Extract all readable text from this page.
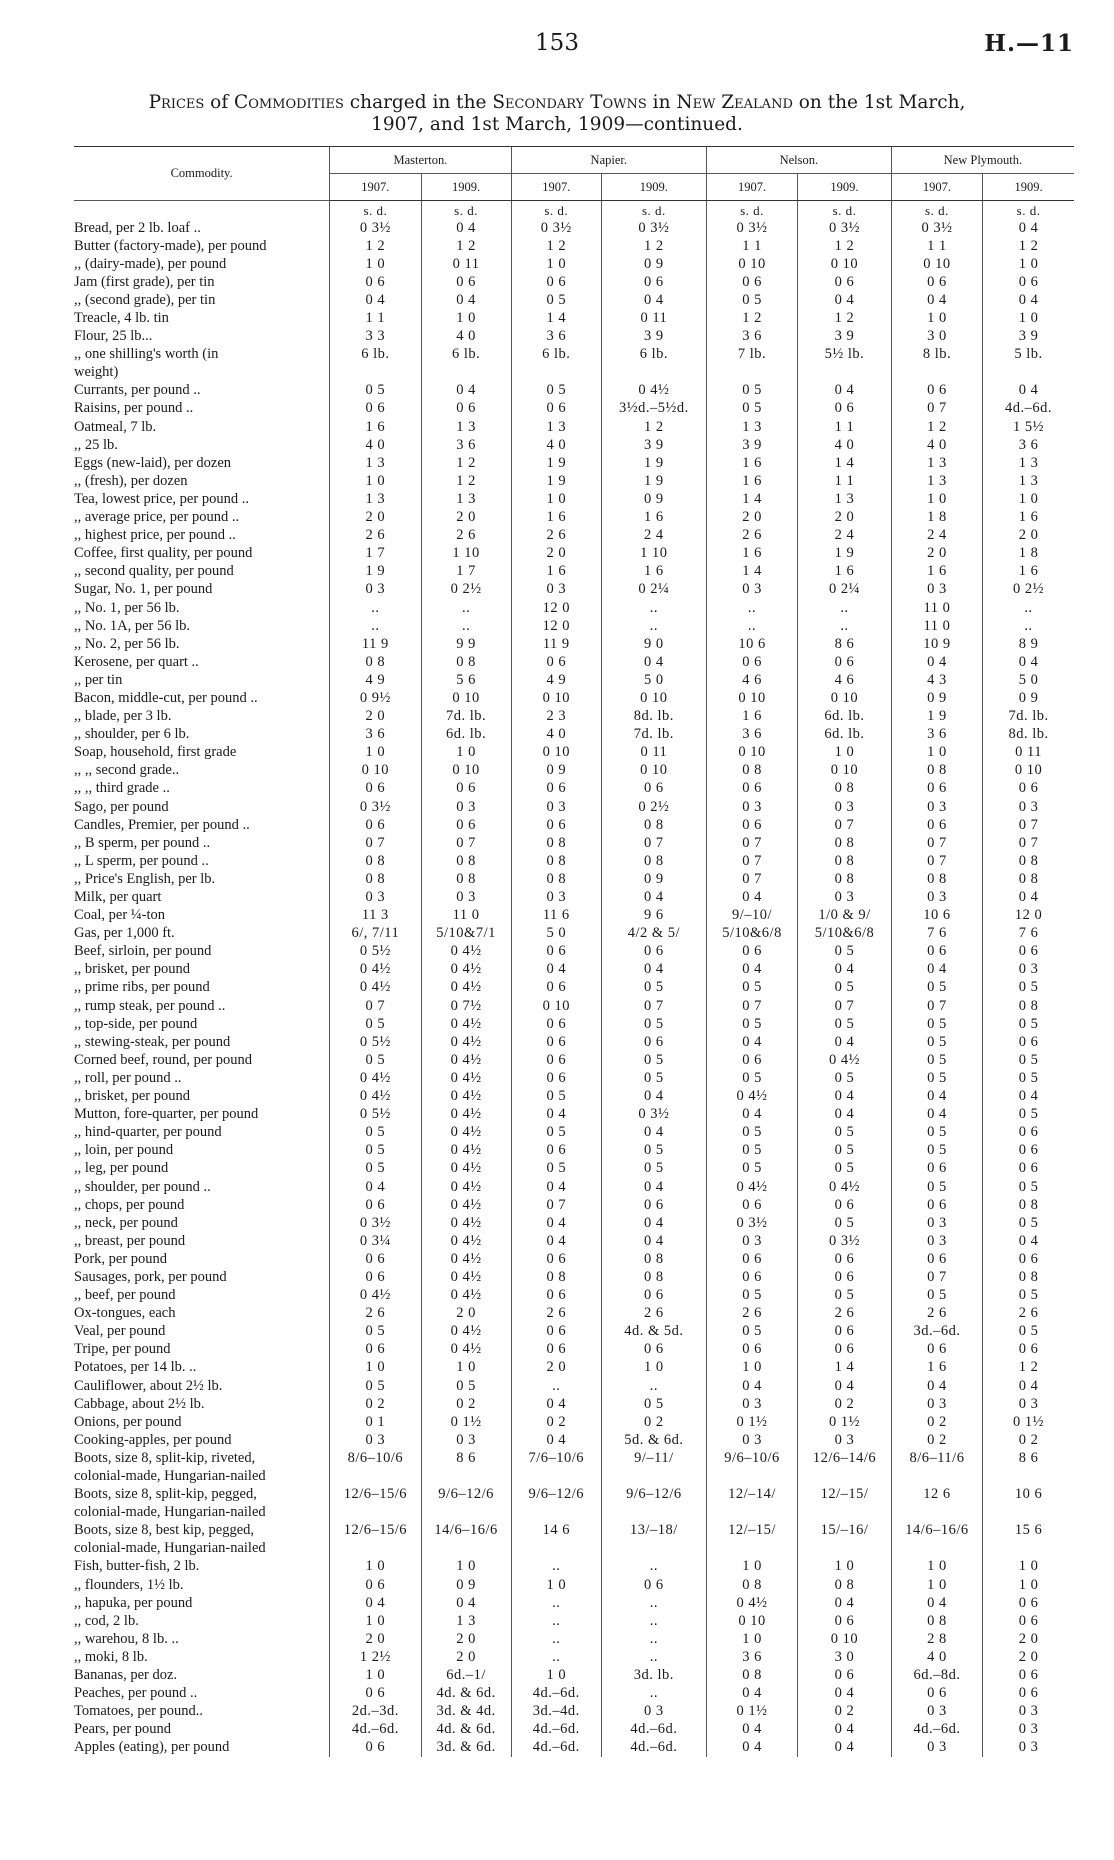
153	H.—11
Prices of Commodities charged in the Secondary Towns in New Zealand on the 1st March,
1907, and 1st March, 1909—continued.
Commodity.	Masterton.		Napier.		Nelson.		New Plymouth.	
	1907.	1909.	1907.	1909.	1907.	1909.	1907.	1909.
	s. d.	s. d.	s. d.	s. d.	s. d.	s. d.	s. d.	s. d.
Bread, per 2 lb. loaf ..	0 3½	0 4	0 3½	0 3½	0 3½	0 3½	0 3½	0 4
Butter (factory-made), per pound	1 2	1 2	1 2	1 2	1 1	1 2	1 1	1 2
,, (dairy-made), per pound	1 0	0 11	1 0	0 9	0 10	0 10	0 10	1 0
Jam (first grade), per tin	0 6	0 6	0 6	0 6	0 6	0 6	0 6	0 6
,, (second grade), per tin	0 4	0 4	0 5	0 4	0 5	0 4	0 4	0 4
Treacle, 4 lb. tin	1 1	1 0	1 4	0 11	1 2	1 2	1 0	1 0
Flour, 25 lb...	3 3	4 0	3 6	3 9	3 6	3 9	3 0	3 9
,, one shilling's worth (in	6 lb.	6 lb.	6 lb.	6 lb.	7 lb.	5½ lb.	8 lb.	5 lb.
weight)								
Currants, per pound ..	0 5	0 4	0 5	0 4½	0 5	0 4	0 6	0 4
Raisins, per pound ..	0 6	0 6	0 6	3½d.–5½d.	0 5	0 6	0 7	4d.–6d.
Oatmeal, 7 lb.	1 6	1 3	1 3	1 2	1 3	1 1	1 2	1 5½
,, 25 lb.	4 0	3 6	4 0	3 9	3 9	4 0	4 0	3 6
Eggs (new-laid), per dozen	1 3	1 2	1 9	1 9	1 6	1 4	1 3	1 3
,, (fresh), per dozen	1 0	1 2	1 9	1 9	1 6	1 1	1 3	1 3
Tea, lowest price, per pound ..	1 3	1 3	1 0	0 9	1 4	1 3	1 0	1 0
,, average price, per pound ..	2 0	2 0	1 6	1 6	2 0	2 0	1 8	1 6
,, highest price, per pound ..	2 6	2 6	2 6	2 4	2 6	2 4	2 4	2 0
Coffee, first quality, per pound	1 7	1 10	2 0	1 10	1 6	1 9	2 0	1 8
,, second quality, per pound	1 9	1 7	1 6	1 6	1 4	1 6	1 6	1 6
Sugar, No. 1, per pound	0 3	0 2½	0 3	0 2¼	0 3	0 2¼	0 3	0 2½
,, No. 1, per 56 lb.	..	..	12 0	..	..	..	11 0	..
,, No. 1A, per 56 lb.	..	..	12 0	..	..	..	11 0	..
,, No. 2, per 56 lb.	11 9	9 9	11 9	9 0	10 6	8 6	10 9	8 9
Kerosene, per quart ..	0 8	0 8	0 6	0 4	0 6	0 6	0 4	0 4
,, per tin	4 9	5 6	4 9	5 0	4 6	4 6	4 3	5 0
Bacon, middle-cut, per pound ..	0 9½	0 10	0 10	0 10	0 10	0 10	0 9	0 9
,, blade, per 3 lb.	2 0	7d. lb.	2 3	8d. lb.	1 6	6d. lb.	1 9	7d. lb.
,, shoulder, per 6 lb.	3 6	6d. lb.	4 0	7d. lb.	3 6	6d. lb.	3 6	8d. lb.
Soap, household, first grade	1 0	1 0	0 10	0 11	0 10	1 0	1 0	0 11
,, ,, second grade..	0 10	0 10	0 9	0 10	0 8	0 10	0 8	0 10
,, ,, third grade ..	0 6	0 6	0 6	0 6	0 6	0 8	0 6	0 6
Sago, per pound	0 3½	0 3	0 3	0 2½	0 3	0 3	0 3	0 3
Candles, Premier, per pound ..	0 6	0 6	0 6	0 8	0 6	0 7	0 6	0 7
,, B sperm, per pound ..	0 7	0 7	0 8	0 7	0 7	0 8	0 7	0 7
,, L sperm, per pound ..	0 8	0 8	0 8	0 8	0 7	0 8	0 7	0 8
,, Price's English, per lb.	0 8	0 8	0 8	0 9	0 7	0 8	0 8	0 8
Milk, per quart	0 3	0 3	0 3	0 4	0 4	0 3	0 3	0 4
Coal, per ¼-ton	11 3	11 0	11 6	9 6	9/–10/	1/0 & 9/	10 6	12 0
Gas, per 1,000 ft.	6/, 7/11	5/10&7/1	5 0	4/2 & 5/	5/10&6/8	5/10&6/8	7 6	7 6
Beef, sirloin, per pound	0 5½	0 4½	0 6	0 6	0 6	0 5	0 6	0 6
,, brisket, per pound	0 4½	0 4½	0 4	0 4	0 4	0 4	0 4	0 3
,, prime ribs, per pound	0 4½	0 4½	0 6	0 5	0 5	0 5	0 5	0 5
,, rump steak, per pound ..	0 7	0 7½	0 10	0 7	0 7	0 7	0 7	0 8
,, top-side, per pound	0 5	0 4½	0 6	0 5	0 5	0 5	0 5	0 5
,, stewing-steak, per pound	0 5½	0 4½	0 6	0 6	0 4	0 4	0 5	0 6
Corned beef, round, per pound	0 5	0 4½	0 6	0 5	0 6	0 4½	0 5	0 5
,, roll, per pound ..	0 4½	0 4½	0 6	0 5	0 5	0 5	0 5	0 5
,, brisket, per pound	0 4½	0 4½	0 5	0 4	0 4½	0 4	0 4	0 4
Mutton, fore-quarter, per pound	0 5½	0 4½	0 4	0 3½	0 4	0 4	0 4	0 5
,, hind-quarter, per pound	0 5	0 4½	0 5	0 4	0 5	0 5	0 5	0 6
,, loin, per pound	0 5	0 4½	0 6	0 5	0 5	0 5	0 5	0 6
,, leg, per pound	0 5	0 4½	0 5	0 5	0 5	0 5	0 6	0 6
,, shoulder, per pound ..	0 4	0 4½	0 4	0 4	0 4½	0 4½	0 5	0 5
,, chops, per pound	0 6	0 4½	0 7	0 6	0 6	0 6	0 6	0 8
,, neck, per pound	0 3½	0 4½	0 4	0 4	0 3½	0 5	0 3	0 5
,, breast, per pound	0 3¼	0 4½	0 4	0 4	0 3	0 3½	0 3	0 4
Pork, per pound	0 6	0 4½	0 6	0 8	0 6	0 6	0 6	0 6
Sausages, pork, per pound	0 6	0 4½	0 8	0 8	0 6	0 6	0 7	0 8
,, beef, per pound	0 4½	0 4½	0 6	0 6	0 5	0 5	0 5	0 5
Ox-tongues, each	2 6	2 0	2 6	2 6	2 6	2 6	2 6	2 6
Veal, per pound	0 5	0 4½	0 6	4d. & 5d.	0 5	0 6	3d.–6d.	0 5
Tripe, per pound	0 6	0 4½	0 6	0 6	0 6	0 6	0 6	0 6
Potatoes, per 14 lb. ..	1 0	1 0	2 0	1 0	1 0	1 4	1 6	1 2
Cauliflower, about 2½ lb.	0 5	0 5	..	..	0 4	0 4	0 4	0 4
Cabbage, about 2½ lb.	0 2	0 2	0 4	0 5	0 3	0 2	0 3	0 3
Onions, per pound	0 1	0 1½	0 2	0 2	0 1½	0 1½	0 2	0 1½
Cooking-apples, per pound	0 3	0 3	0 4	5d. & 6d.	0 3	0 3	0 2	0 2
Boots, size 8, split-kip, riveted,	8/6–10/6	8 6	7/6–10/6	9/–11/	9/6–10/6	12/6–14/6	8/6–11/6	8 6
colonial-made, Hungarian-nailed								
Boots, size 8, split-kip, pegged,	12/6–15/6	9/6–12/6	9/6–12/6	9/6–12/6	12/–14/	12/–15/	12 6	10 6
colonial-made, Hungarian-nailed								
Boots, size 8, best kip, pegged,	12/6–15/6	14/6–16/6	14 6	13/–18/	12/–15/	15/–16/	14/6–16/6	15 6
colonial-made, Hungarian-nailed								
Fish, butter-fish, 2 lb.	1 0	1 0	..	..	1 0	1 0	1 0	1 0
,, flounders, 1½ lb.	0 6	0 9	1 0	0 6	0 8	0 8	1 0	1 0
,, hapuka, per pound	0 4	0 4	..	..	0 4½	0 4	0 4	0 6
,, cod, 2 lb.	1 0	1 3	..	..	0 10	0 6	0 8	0 6
,, warehou, 8 lb. ..	2 0	2 0	..	..	1 0	0 10	2 8	2 0
,, moki, 8 lb.	1 2½	2 0	..	..	3 6	3 0	4 0	2 0
Bananas, per doz.	1 0	6d.–1/	1 0	3d. lb.	0 8	0 6	6d.–8d.	0 6
Peaches, per pound ..	0 6	4d. & 6d.	4d.–6d.	..	0 4	0 4	0 6	0 6
Tomatoes, per pound..	2d.–3d.	3d. & 4d.	3d.–4d.	0 3	0 1½	0 2	0 3	0 3
Pears, per pound	4d.–6d.	4d. & 6d.	4d.–6d.	4d.–6d.	0 4	0 4	4d.–6d.	0 3
Apples (eating), per pound	0 6	3d. & 6d.	4d.–6d.	4d.–6d.	0 4	0 4	0 3	0 3
